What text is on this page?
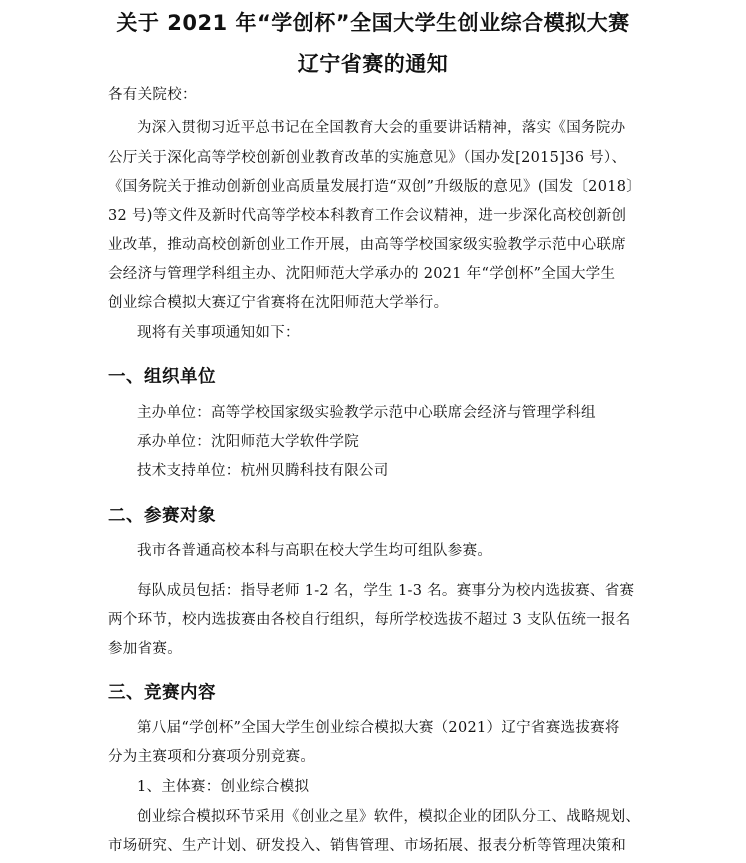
关于 2021 年“学创杯”全国大学生创业综合模拟大赛
辽宁省赛的通知
各有关院校：
为深入贯彻习近平总书记在全国教育大会的重要讲话精神，落实《国务院办
公厅关于深化高等学校创新创业教育改革的实施意见》（国办发[2015]36 号）、
《国务院关于推动创新创业高质量发展打造“双创”升级版的意见》(国发〔2018〕
32 号)等文件及新时代高等学校本科教育工作会议精神，进一步深化高校创新创
业改革，推动高校创新创业工作开展，由高等学校国家级实验教学示范中心联席
会经济与管理学科组主办、沈阳师范大学承办的 2021 年“学创杯”全国大学生
创业综合模拟大赛辽宁省赛将在沈阳师范大学举行。
现将有关事项通知如下：
一、组织单位
主办单位：高等学校国家级实验教学示范中心联席会经济与管理学科组
承办单位：沈阳师范大学软件学院
技术支持单位：杭州贝腾科技有限公司
二、参赛对象
我市各普通高校本科与高职在校大学生均可组队参赛。
每队成员包括：指导老师 1-2 名，学生 1-3 名。赛事分为校内选拔赛、省赛
两个环节，校内选拔赛由各校自行组织，每所学校选拔不超过 3 支队伍统一报名
参加省赛。
三、竞赛内容
第八届“学创杯”全国大学生创业综合模拟大赛（2021）辽宁省赛选拔赛将
分为主赛项和分赛项分别竞赛。
1、主体赛：创业综合模拟
创业综合模拟环节采用《创业之星》软件，模拟企业的团队分工、战略规划、
市场研究、生产计划、研发投入、销售管理、市场拓展、报表分析等管理决策和
